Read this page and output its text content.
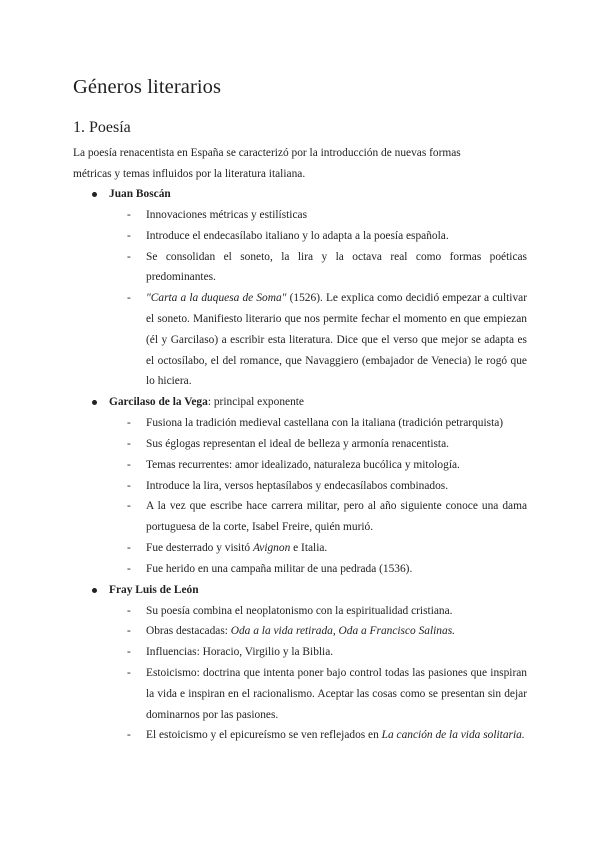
Géneros literarios
1. Poesía

La poesía renacentista en España se caracterizó por la introducción de nuevas formas
métricas y temas influidos por la literatura italiana.

Juan Boscán
- Innovaciones métricas y estilísticas
- Introduce el endecasílabo italiano y lo adapta a la poesía española.
- Se consolidan el soneto, la lira y la octava real como formas poéticas predominantes.
- "Carta a la duquesa de Soma" (1526). Le explica como decidió empezar a cultivar el soneto. Manifiesto literario que nos permite fechar el momento en que empiezan (él y Garcilaso) a escribir esta literatura. Dice que el verso que mejor se adapta es el octosílabo, el del romance, que Navaggiero (embajador de Venecia) le rogó que lo hiciera.
Garcilaso de la Vega: principal exponente
- Fusiona la tradición medieval castellana con la italiana (tradición petrarquista)
- Sus églogas representan el ideal de belleza y armonía renacentista.
- Temas recurrentes: amor idealizado, naturaleza bucólica y mitología.
- Introduce la lira, versos heptasílabos y endecasílabos combinados.
- A la vez que escribe hace carrera militar, pero al año siguiente conoce una dama portuguesa de la corte, Isabel Freire, quién murió.
- Fue desterrado y visitó Avignon e Italia.
- Fue herido en una campaña militar de una pedrada (1536).
Fray Luis de León
- Su poesía combina el neoplatonismo con la espiritualidad cristiana.
- Obras destacadas: Oda a la vida retirada, Oda a Francisco Salinas.
- Influencias: Horacio, Virgilio y la Biblia.
- Estoicismo: doctrina que intenta poner bajo control todas las pasiones que inspiran la vida e inspiran en el racionalismo. Aceptar las cosas como se presentan sin dejar dominarnos por las pasiones.
- El estoicismo y el epicureísmo se ven reflejados en La canción de la vida solitaria.
